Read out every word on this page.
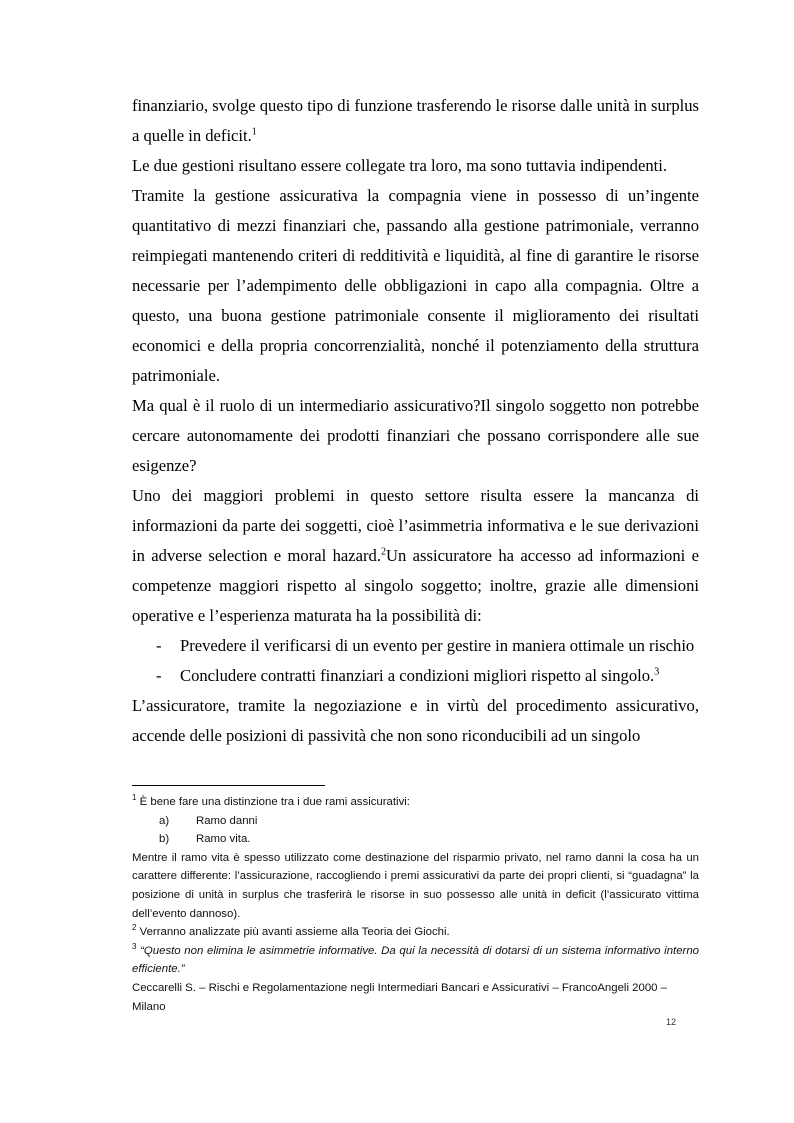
finanziario, svolge questo tipo di funzione trasferendo le risorse dalle unità in surplus a quelle in deficit.$^1$

Le due gestioni risultano essere collegate tra loro, ma sono tuttavia indipendenti.

Tramite la gestione assicurativa la compagnia viene in possesso di un’ingente quantitativo di mezzi finanziari che, passando alla gestione patrimoniale, verranno reimpiegati mantenendo criteri di redditività e liquidità, al fine di garantire le risorse necessarie per l’adempimento delle obbligazioni in capo alla compagnia. Oltre a questo, una buona gestione patrimoniale consente il miglioramento dei risultati economici e della propria concorrenzialità, nonché il potenziamento della struttura patrimoniale.

Ma qual è il ruolo di un intermediario assicurativo?Il singolo soggetto non potrebbe cercare autonomamente dei prodotti finanziari che possano corrispondere alle sue esigenze?

Uno dei maggiori problemi in questo settore risulta essere la mancanza di informazioni da parte dei soggetti, cioè l’asimmetria informativa e le sue derivazioni in adverse selection e moral hazard.$^2$Un assicuratore ha accesso ad informazioni e competenze maggiori rispetto al singolo soggetto; inoltre, grazie alle dimensioni operative e l’esperienza maturata ha la possibilità di:

- Prevedere il verificarsi di un evento per gestire in maniera ottimale un rischio
- Concludere contratti finanziari a condizioni migliori rispetto al singolo.$^3$

L’assicuratore, tramite la negoziazione e in virtù del procedimento assicurativo, accende delle posizioni di passività che non sono riconducibili ad un singolo

$^1$ È bene fare una distinzione tra i due rami assicurativi:

a) Ramo danni
b) Ramo vita.

Mentre il ramo vita è spesso utilizzato come destinazione del risparmio privato, nel ramo danni la cosa ha un carattere differente: l’assicurazione, raccogliendo i premi assicurativi da parte dei propri clienti, si “guadagna” la posizione di unità in surplus che trasferirà le risorse in suo possesso alle unità in deficit (l’assicurato vittima dell’evento dannoso).

$^2$ Verranno analizzate più avanti assieme alla Teoria dei Giochi.

$^3$ “Questo non elimina le asimmetrie informative. Da qui la necessità di dotarsi di un sistema informativo interno efficiente.”

Ceccarelli S. – Rischi e Regolamentazione negli Intermediari Bancari e Assicurativi – FrancoAngeli 2000 – Milano

12
